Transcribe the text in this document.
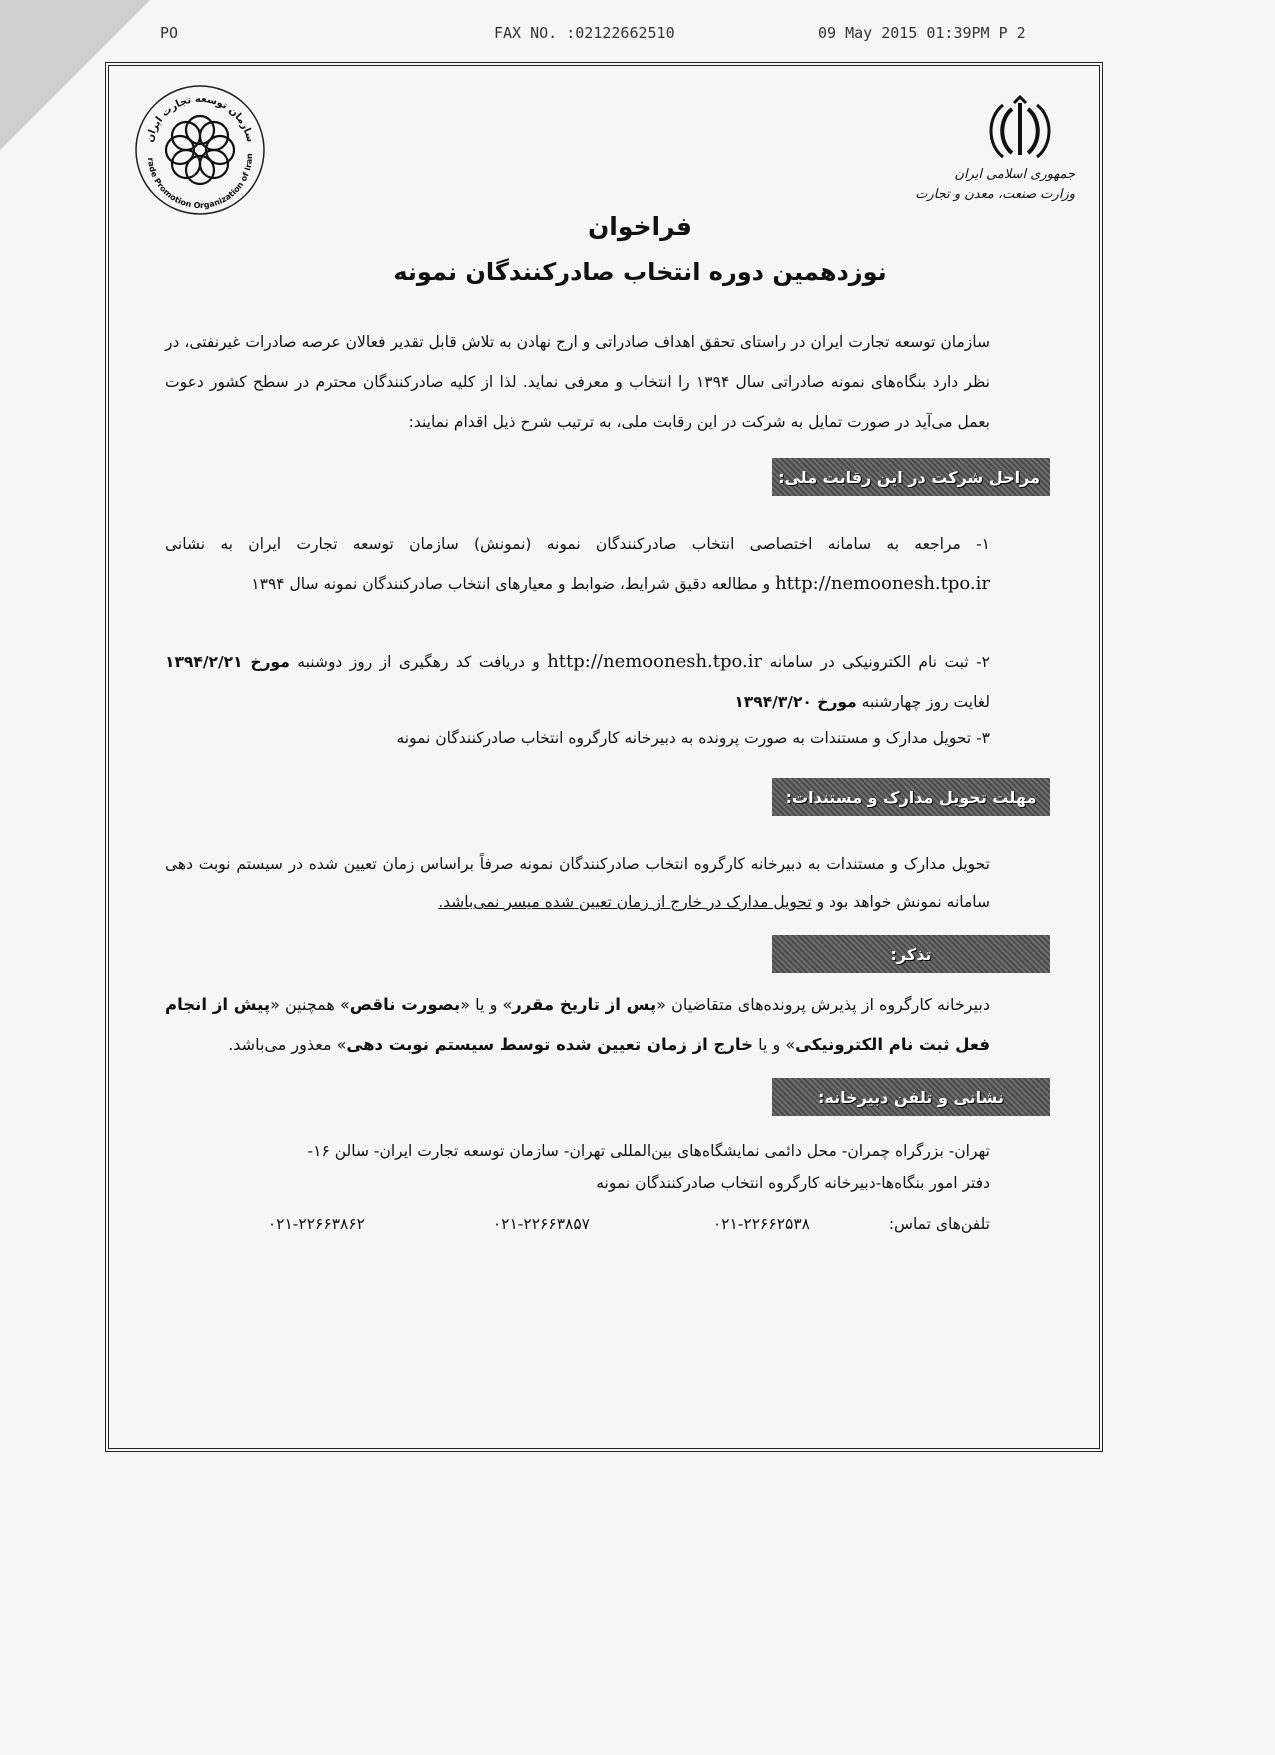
PO	FAX NO. :02122662510	09 May 2015 01:39PM P 2
جمهوری اسلامی ایران
وزارت صنعت، معدن و تجارت
سازمان توسعه تجارت ایران
rade Promotion Organization of Iran
فراخوان
نوزدهمین دوره انتخاب صادرکنندگان نمونه

سازمان توسعه تجارت ایران در راستای تحقق اهداف صادراتی و ارج نهادن به تلاش قابل تقدیر فعالان عرصه صادرات غیرنفتی، در نظر دارد بنگاه‌های نمونه صادراتی سال ۱۳۹۴ را انتخاب و معرفی نماید. لذا از کلیه صادرکنندگان محترم در سطح کشور دعوت بعمل می‌آید در صورت تمایل به شرکت در این رقابت ملی، به ترتیب شرح ذیل اقدام نمایند:

مراحل شرکت در این رقابت ملی:

۱- مراجعه به سامانه اختصاصی انتخاب صادرکنندگان نمونه (نمونش) سازمان توسعه تجارت ایران به نشانی http://nemoonesh.tpo.ir و مطالعه دقیق شرایط، ضوابط و معیارهای انتخاب صادرکنندگان نمونه سال ۱۳۹۴

۲- ثبت نام الکترونیکی در سامانه http://nemoonesh.tpo.ir و دریافت کد رهگیری از روز دوشنبه مورخ ۱۳۹۴/۲/۲۱ لغایت روز چهارشنبه مورخ ۱۳۹۴/۳/۲۰

۳- تحویل مدارک و مستندات به صورت پرونده به دبیرخانه کارگروه انتخاب صادرکنندگان نمونه

مهلت تحویل مدارک و مستندات:

تحویل مدارک و مستندات به دبیرخانه کارگروه انتخاب صادرکنندگان نمونه صرفاً براساس زمان تعیین شده در سیستم نوبت دهی سامانه نمونش خواهد بود و تحویل مدارک در خارج از زمان تعیین شده میسر نمی‌باشد.

تذکر:

دبیرخانه کارگروه از پذیرش پرونده‌های متقاضیان «پس از تاریخ مقرر» و یا «بصورت ناقص» همچنین «پیش از انجام فعل ثبت نام الکترونیکی» و یا خارج از زمان تعیین شده توسط سیستم نوبت دهی» معذور می‌باشد.

نشانی و تلفن دبیرخانه:

تهران- بزرگراه چمران- محل دائمی نمایشگاه‌های بین‌المللی تهران- سازمان توسعه تجارت ایران- سالن ۱۶-
دفتر امور بنگاه‌ها-دبیرخانه کارگروه انتخاب صادرکنندگان نمونه

تلفن‌های تماس:
۰۲۱-۲۲۶۶۲۵۳۸
۰۲۱-۲۲۶۶۳۸۵۷
۰۲۱-۲۲۶۶۳۸۶۲
